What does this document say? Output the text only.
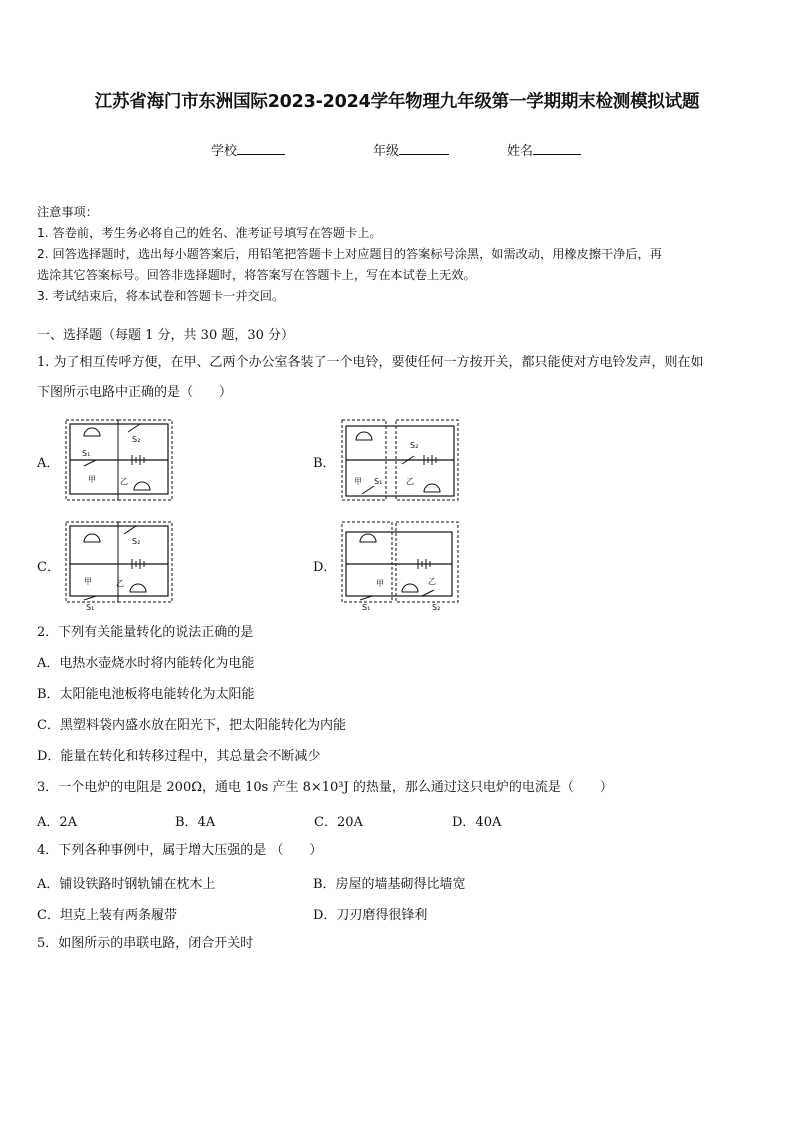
江苏省海门市东洲国际2023-2024学年物理九年级第一学期期末检测模拟试题
学校	年级	姓名
注意事项：
1. 答卷前，考生务必将自己的姓名、准考证号填写在答题卡上。
2. 回答选择题时，选出每小题答案后，用铅笔把答题卡上对应题目的答案标号涂黑，如需改动，用橡皮擦干净后，再
选涂其它答案标号。回答非选择题时，将答案写在答题卡上，写在本试卷上无效。
3. 考试结束后，将本试卷和答题卡一并交回。
一、选择题（每题 1 分，共 30 题，30 分）
1. 为了相互传呼方便，在甲、乙两个办公室各装了一个电铃，要使任何一方按开关，都只能使对方电铃发声，则在如
下图所示电路中正确的是（　　）
A．	B．
C．	D．
S₂
S₁
甲	乙
S₂
S₁
甲	乙
S₂
S₁
甲	乙
S₁	S₂
甲	乙
2．下列有关能量转化的说法正确的是
A．电热水壶烧水时将内能转化为电能
B．太阳能电池板将电能转化为太阳能
C．黑塑料袋内盛水放在阳光下，把太阳能转化为内能
D．能量在转化和转移过程中，其总量会不断减少
3．一个电炉的电阻是 200Ω，通电 10s 产生 8×10³J 的热量，那么通过这只电炉的电流是（　　）
A．2A	B．4A	C．20A	D．40A
4．下列各种事例中，属于增大压强的是 （　　）
A．铺设铁路时钢轨铺在枕木上	B．房屋的墙基砌得比墙宽
C．坦克上装有两条履带	D．刀刃磨得很锋利
5．如图所示的串联电路，闭合开关时
